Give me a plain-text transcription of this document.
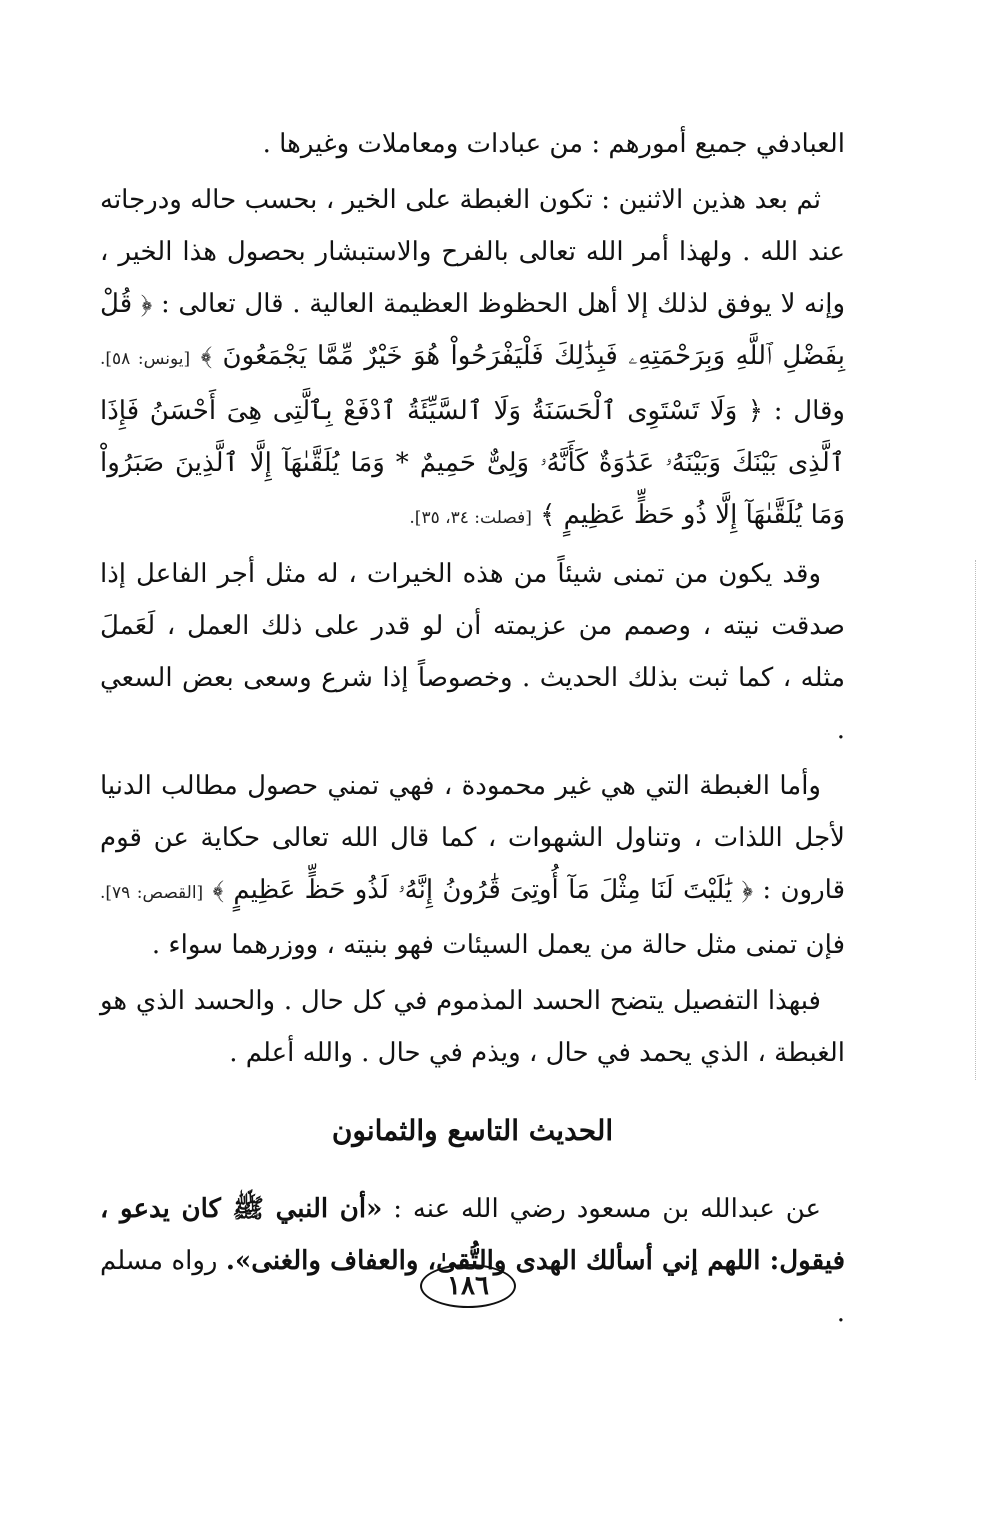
العبادفي جميع أمورهم : من عبادات ومعاملات وغيرها .

ثم بعد هذين الاثنين : تكون الغبطة على الخير ، بحسب حاله ودرجاته عند الله . ولهذا أمر الله تعالى بالفرح والاستبشار بحصول هذا الخير ، وإنه لا يوفق لذلك إلا أهل الحظوظ العظيمة العالية . قال تعالى : ﴿ قُلْ بِفَضْلِ ٱللَّهِ وَبِرَحْمَتِهِۦ فَبِذَٰلِكَ فَلْيَفْرَحُواْ هُوَ خَيْرٌ مِّمَّا يَجْمَعُونَ ﴾ [يونس: ٥٨]. وقال : ﴿ وَلَا تَسْتَوِى ٱلْحَسَنَةُ وَلَا ٱلسَّيِّئَةُ ٱدْفَعْ بِٱلَّتِى هِىَ أَحْسَنُ فَإِذَا ٱلَّذِى بَيْنَكَ وَبَيْنَهُۥ عَدَٰوَةٌ كَأَنَّهُۥ وَلِىٌّ حَمِيمٌ * وَمَا يُلَقَّىٰهَآ إِلَّا ٱلَّذِينَ صَبَرُواْ وَمَا يُلَقَّىٰهَآ إِلَّا ذُو حَظٍّ عَظِيمٍ ﴾ [فصلت: ٣٤، ٣٥].

وقد يكون من تمنى شيئاً من هذه الخيرات ، له مثل أجر الفاعل إذا صدقت نيته ، وصمم من عزيمته أن لو قدر على ذلك العمل ، لَعَملَ مثله ، كما ثبت بذلك الحديث . وخصوصاً إذا شرع وسعى بعض السعي .

وأما الغبطة التي هي غير محمودة ، فهي تمني حصول مطالب الدنيا لأجل اللذات ، وتناول الشهوات ، كما قال الله تعالى حكاية عن قوم قارون : ﴿ يَٰلَيْتَ لَنَا مِثْلَ مَآ أُوتِىَ قَٰرُونُ إِنَّهُۥ لَذُو حَظٍّ عَظِيمٍ ﴾ [القصص: ٧٩]. فإن تمنى مثل حالة من يعمل السيئات فهو بنيته ، ووزرهما سواء .

فبهذا التفصيل يتضح الحسد المذموم في كل حال . والحسد الذي هو الغبطة ، الذي يحمد في حال ، ويذم في حال . والله أعلم .

الحديث التاسع والثمانون

عن عبدالله بن مسعود رضي الله عنه : «أن النبي ﷺ كان يدعو ، فيقول: اللهم إني أسألك الهدى والتُّقىٰ، والعفاف والغنى». رواه مسلم .

١٨٦
